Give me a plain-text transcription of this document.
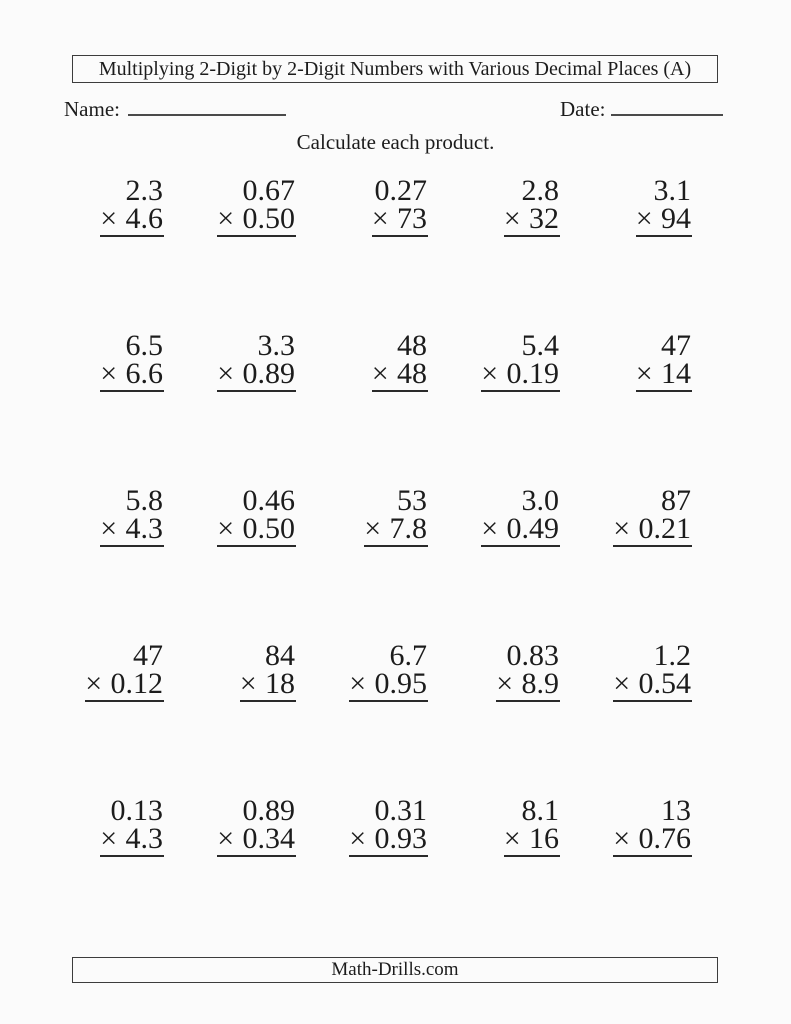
Multiplying 2-Digit by 2-Digit Numbers with Various Decimal Places (A)
Name:	Date:
Calculate each product.
2.3
× 4.6
0.67
× 0.50
0.27
× 73
2.8
× 32
3.1
× 94
6.5
× 6.6
3.3
× 0.89
48
× 48
5.4
× 0.19
47
× 14
5.8
× 4.3
0.46
× 0.50
53
× 7.8
3.0
× 0.49
87
× 0.21
47
× 0.12
84
× 18
6.7
× 0.95
0.83
× 8.9
1.2
× 0.54
0.13
× 4.3
0.89
× 0.34
0.31
× 0.93
8.1
× 16
13
× 0.76
Math-Drills.com
